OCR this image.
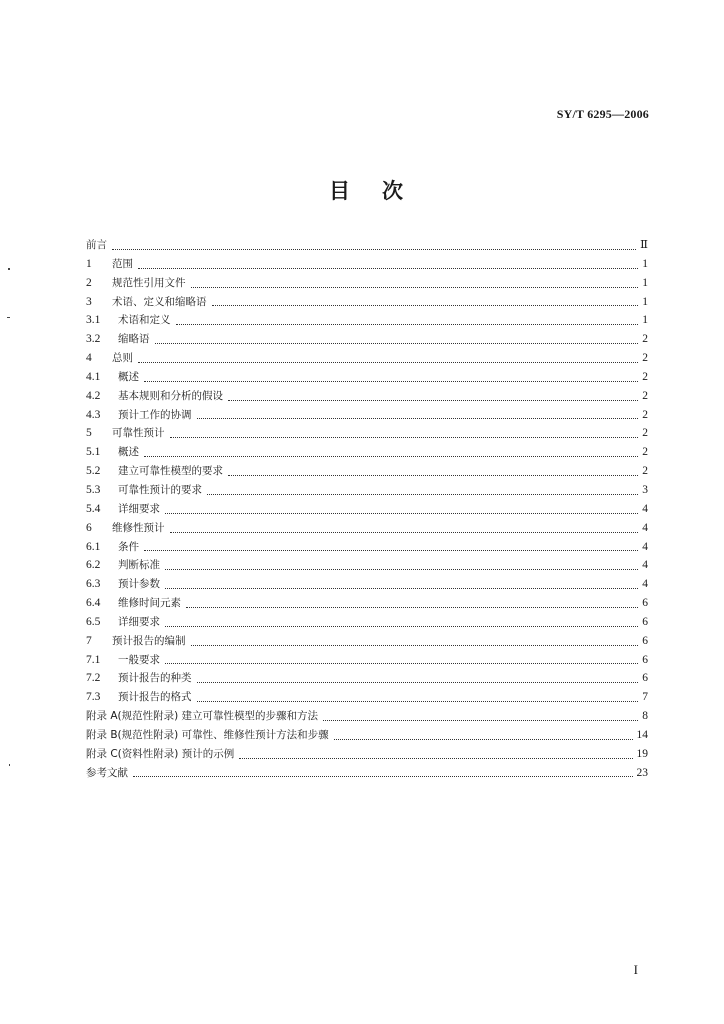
SY/T 6295—2006
目次
前言	Ⅱ
1	范围	1
2	规范性引用文件	1
3	术语、定义和缩略语	1
3.1	术语和定义	1
3.2	缩略语	2
4	总则	2
4.1	概述	2
4.2	基本规则和分析的假设	2
4.3	预计工作的协调	2
5	可靠性预计	2
5.1	概述	2
5.2	建立可靠性模型的要求	2
5.3	可靠性预计的要求	3
5.4	详细要求	4
6	维修性预计	4
6.1	条件	4
6.2	判断标准	4
6.3	预计参数	4
6.4	维修时间元素	6
6.5	详细要求	6
7	预计报告的编制	6
7.1	一般要求	6
7.2	预计报告的种类	6
7.3	预计报告的格式	7
附录 A(规范性附录) 建立可靠性模型的步骤和方法	8
附录 B(规范性附录) 可靠性、维修性预计方法和步骤	14
附录 C(资料性附录) 预计的示例	19
参考文献	23
I
